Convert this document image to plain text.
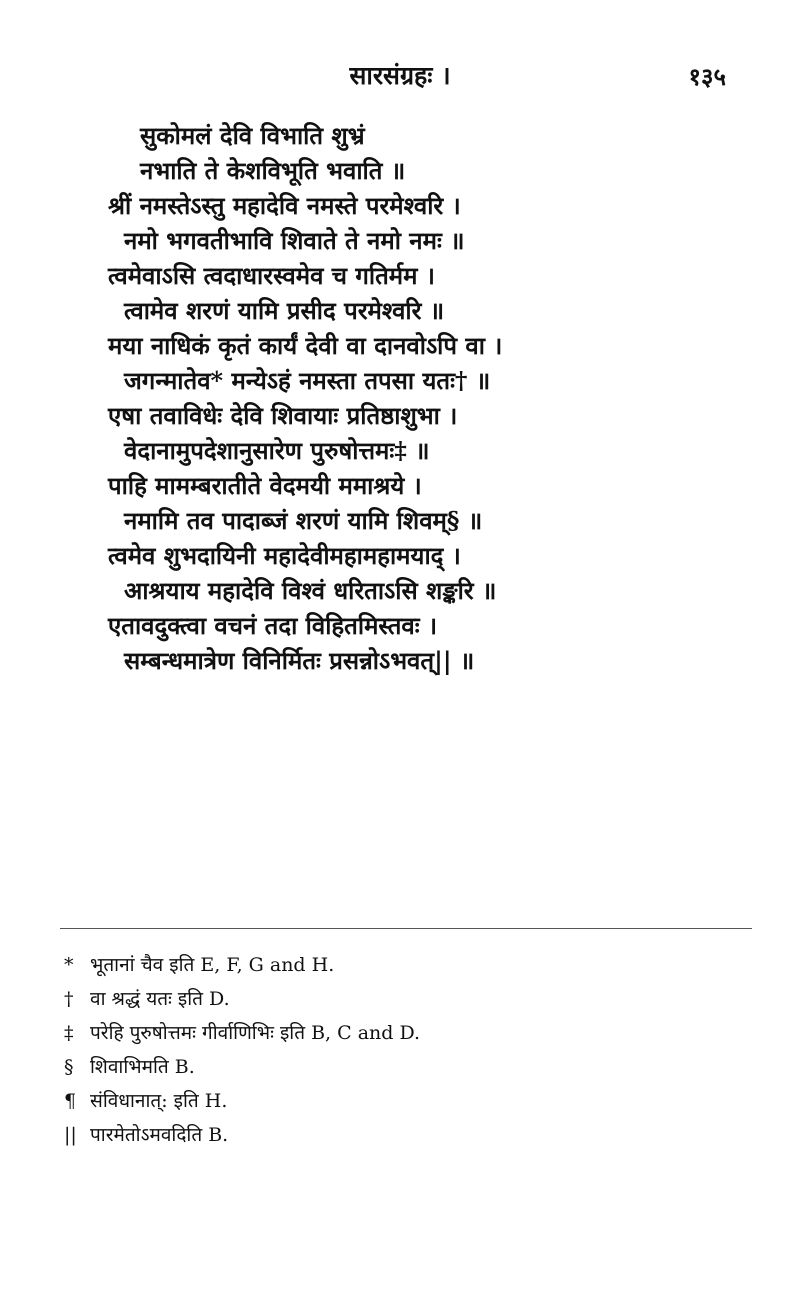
सारसंग्रहः ।	१३५
सुकोमलं देवि विभाति शुभ्रं
नभाति ते केशविभूति भवाति ॥
श्रीं नमस्तेऽस्तु महादेवि नमस्ते परमेश्वरि ।
नमो भगवतीभावि शिवाते ते नमो नमः ॥
त्वमेवाऽसि त्वदाधारस्वमेव च गतिर्मम ।
त्वामेव शरणं यामि प्रसीद परमेश्वरि ॥
मया नाधिकं कृतं कार्यं देवी वा दानवोऽपि वा ।
जगन्मातेव* मन्येऽहं नमस्ता तपसा यतः† ॥
एषा तवाविधेः देवि शिवायाः प्रतिष्ठाशुभा ।
वेदानामुपदेशानुसारेण पुरुषोत्तमः‡ ॥
पाहि मामम्बरातीते वेदमयी ममाश्रये ।
नमामि तव पादाब्जं शरणं यामि शिवम्§ ॥
त्वमेव शुभदायिनी महादेवीमहामहामयाद् ।
आश्रयाय महादेवि विश्वं धरिताऽसि शङ्करि ॥
एतावदुक्त्वा वचनं तदा विहितमिस्तवः ।
सम्बन्धमात्रेण विनिर्मितः प्रसन्नोऽभवत्|| ॥
* भूतानां चैव इति E, F, G and H.
† वा श्रद्धं यतः इति D.
‡ परेहि पुरुषोत्तमः गीर्वाणिभिः इति B, C and D.
§ शिवाभिमति B.
¶ संविधानात्: इति H.
|| पारमेतोऽमवदिति B.
